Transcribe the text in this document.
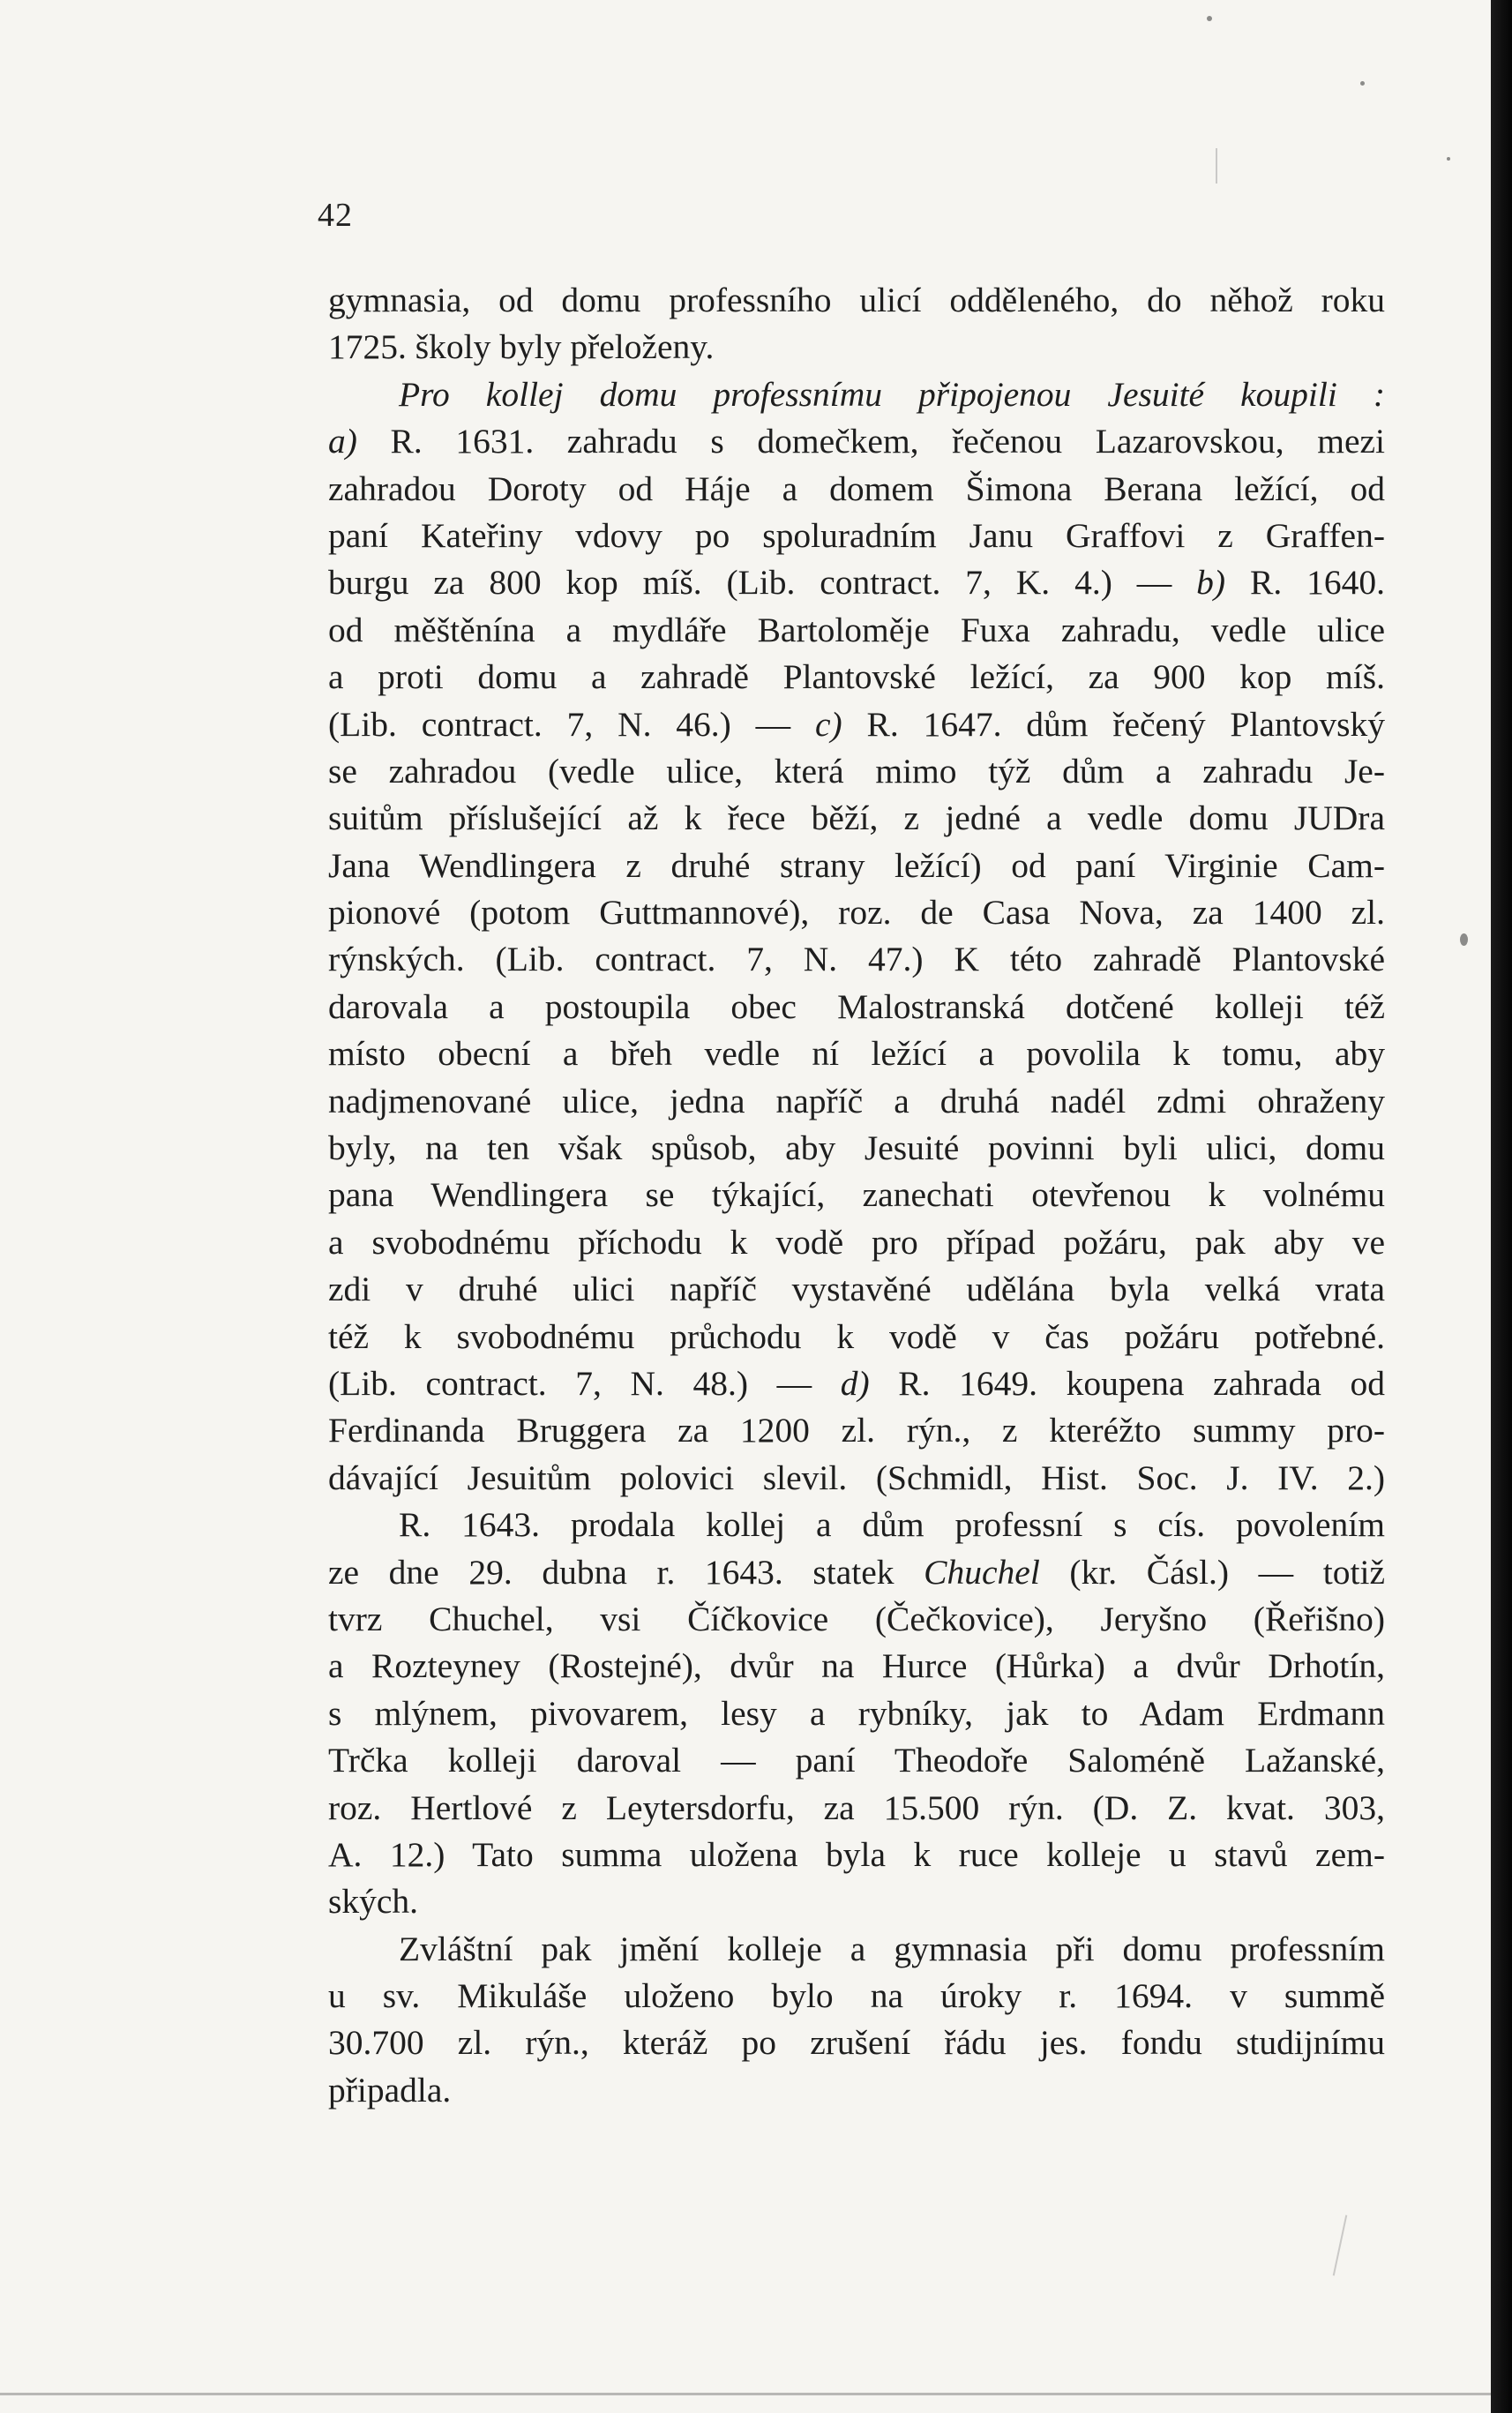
42
gymnasia, od domu professního ulicí odděleného, do něhož roku
1725. školy byly přeloženy.
Pro kollej domu professnímu připojenou Jesuité koupili :
a) R. 1631. zahradu s domečkem, řečenou Lazarovskou, mezi
zahradou Doroty od Háje a domem Šimona Berana ležící, od
paní Kateřiny vdovy po spoluradním Janu Graffovi z Graffen-
burgu za 800 kop míš. (Lib. contract. 7, K. 4.) — b) R. 1640.
od měštěnína a mydláře Bartoloměje Fuxa zahradu, vedle ulice
a proti domu a zahradě Plantovské ležící, za 900 kop míš.
(Lib. contract. 7, N. 46.) — c) R. 1647. dům řečený Plantovský
se zahradou (vedle ulice, která mimo týž dům a zahradu Je-
suitům příslušející až k řece běží, z jedné a vedle domu JUDra
Jana Wendlingera z druhé strany ležící) od paní Virginie Cam-
pionové (potom Guttmannové), roz. de Casa Nova, za 1400 zl.
rýnských. (Lib. contract. 7, N. 47.) K této zahradě Plantovské
darovala a postoupila obec Malostranská dotčené kolleji též
místo obecní a břeh vedle ní ležící a povolila k tomu, aby
nadjmenované ulice, jedna napříč a druhá nadél zdmi ohraženy
byly, na ten však spůsob, aby Jesuité povinni byli ulici, domu
pana Wendlingera se týkající, zanechati otevřenou k volnému
a svobodnému příchodu k vodě pro případ požáru, pak aby ve
zdi v druhé ulici napříč vystavěné udělána byla velká vrata
též k svobodnému průchodu k vodě v čas požáru potřebné.
(Lib. contract. 7, N. 48.) — d) R. 1649. koupena zahrada od
Ferdinanda Bruggera za 1200 zl. rýn., z kteréžto summy pro-
dávající Jesuitům polovici slevil. (Schmidl, Hist. Soc. J. IV. 2.)
R. 1643. prodala kollej a dům professní s cís. povolením
ze dne 29. dubna r. 1643. statek Chuchel (kr. Čásl.) — totiž
tvrz Chuchel, vsi Číčkovice (Čečkovice), Jeryšno (Řeřišno)
a Rozteyney (Rostejné), dvůr na Hurce (Hůrka) a dvůr Drhotín,
s mlýnem, pivovarem, lesy a rybníky, jak to Adam Erdmann
Trčka kolleji daroval — paní Theodoře Saloméně Lažanské,
roz. Hertlové z Leytersdorfu, za 15.500 rýn. (D. Z. kvat. 303,
A. 12.) Tato summa uložena byla k ruce kolleje u stavů zem-
ských.
Zvláštní pak jmění kolleje a gymnasia při domu professním
u sv. Mikuláše uloženo bylo na úroky r. 1694. v summě
30.700 zl. rýn., kteráž po zrušení řádu jes. fondu studijnímu
připadla.
